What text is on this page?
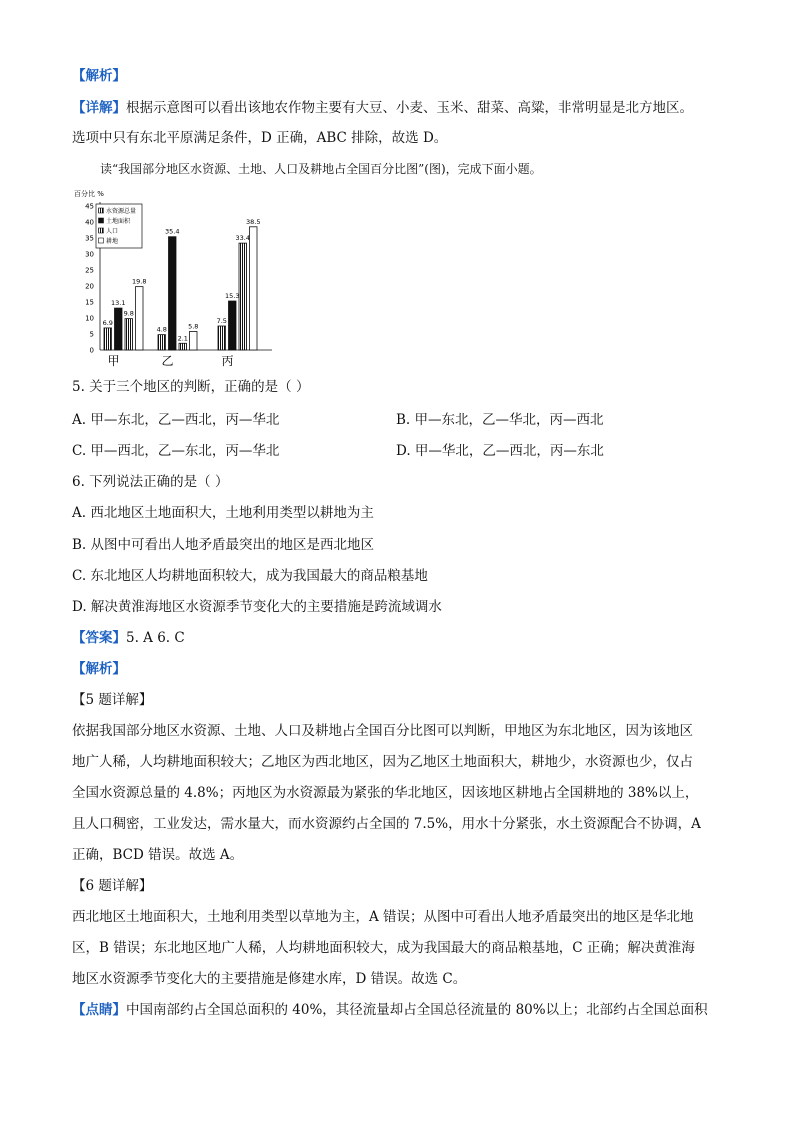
【解析】
【详解】根据示意图可以看出该地农作物主要有大豆、小麦、玉米、甜菜、高粱，非常明显是北方地区。
选项中只有东北平原满足条件，D 正确，ABC 排除，故选 D。
读“我国部分地区水资源、土地、人口及耕地占全国百分比图”(图)，完成下面小题。
百分比 %
0
5
10
15
20
25
30
35
40
45
6.9
13.1
9.8
19.8
4.8
35.4
2.1
5.8
7.5
15.3
33.4
38.5
甲	乙	丙
水资源总量
土地面积
人口
耕地
5. 关于三个地区的判断，正确的是（ ）
A. 甲—东北，乙—西北，丙—华北	B. 甲—东北，乙—华北，丙—西北
C. 甲—西北，乙—东北，丙—华北	D. 甲—华北，乙—西北，丙—东北
6. 下列说法正确的是（ ）
A. 西北地区土地面积大，土地利用类型以耕地为主
B. 从图中可看出人地矛盾最突出的地区是西北地区
C. 东北地区人均耕地面积较大，成为我国最大的商品粮基地
D. 解决黄淮海地区水资源季节变化大的主要措施是跨流域调水
【答案】5. A 6. C
【解析】
【5 题详解】
依据我国部分地区水资源、土地、人口及耕地占全国百分比图可以判断，甲地区为东北地区，因为该地区
地广人稀，人均耕地面积较大；乙地区为西北地区，因为乙地区土地面积大，耕地少，水资源也少，仅占
全国水资源总量的 4.8%；丙地区为水资源最为紧张的华北地区，因该地区耕地占全国耕地的 38%以上，
且人口稠密，工业发达，需水量大，而水资源约占全国的 7.5%，用水十分紧张，水土资源配合不协调，A
正确，BCD 错误。故选 A。
【6 题详解】
西北地区土地面积大，土地利用类型以草地为主，A 错误；从图中可看出人地矛盾最突出的地区是华北地
区，B 错误；东北地区地广人稀，人均耕地面积较大，成为我国最大的商品粮基地，C 正确；解决黄淮海
地区水资源季节变化大的主要措施是修建水库，D 错误。故选 C。
【点睛】中国南部约占全国总面积的 40%，其径流量却占全国总径流量的 80%以上；北部约占全国总面积
